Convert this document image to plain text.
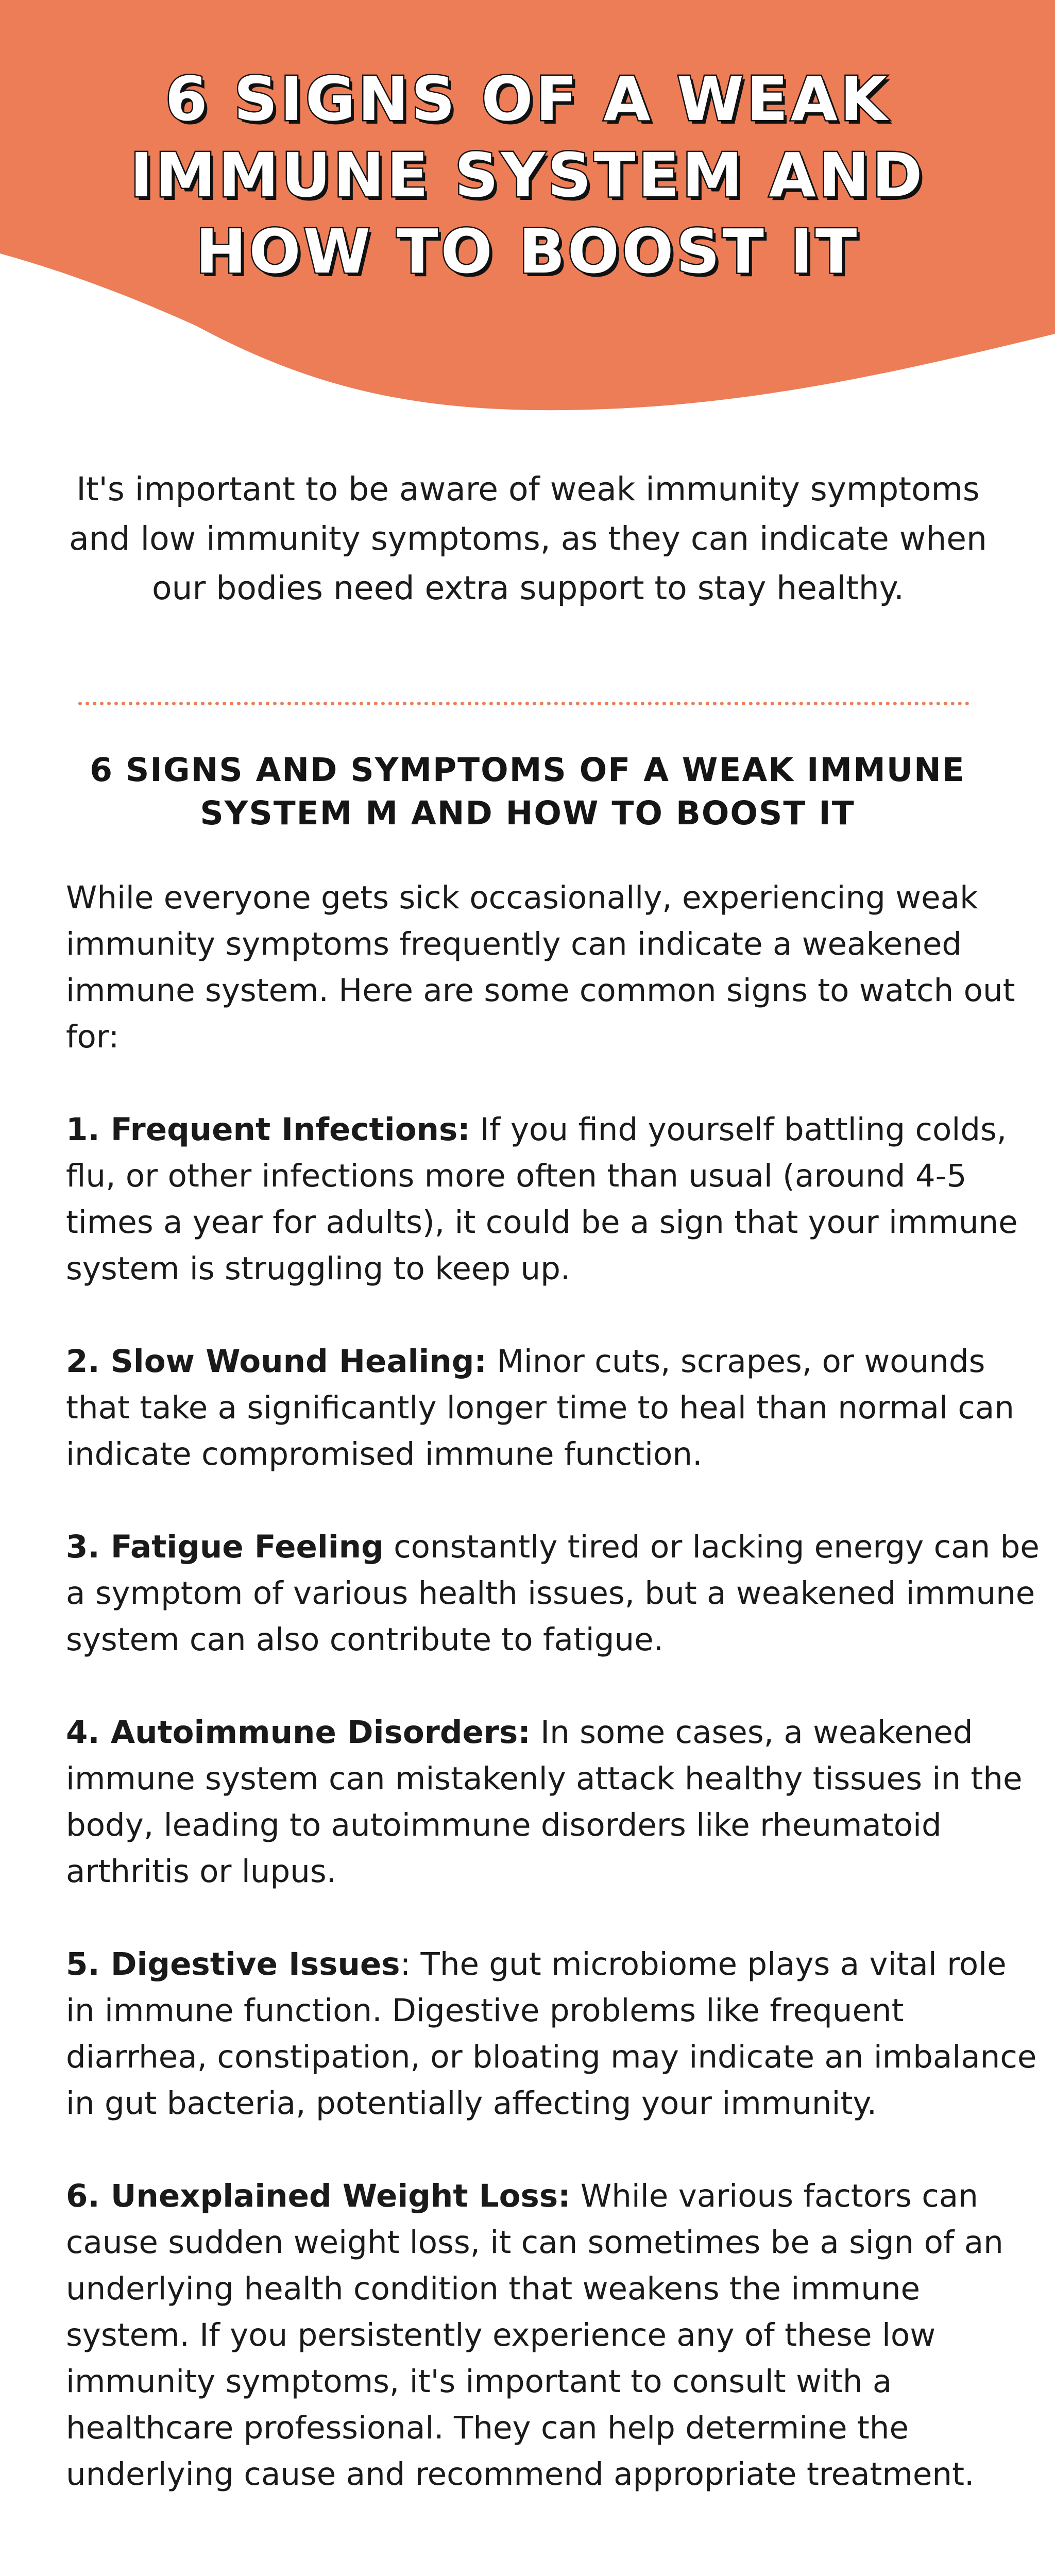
6 SIGNS OF A WEAK IMMUNE SYSTEM AND HOW TO BOOST IT

It's important to be aware of weak immunity symptoms and low immunity symptoms, as they can indicate when our bodies need extra support to stay healthy.

6 SIGNS AND SYMPTOMS OF A WEAK IMMUNE SYSTEM M AND HOW TO BOOST IT

While everyone gets sick occasionally, experiencing weak immunity symptoms frequently can indicate a weakened immune system. Here are some common signs to watch out for:

1. Frequent Infections: If you find yourself battling colds, flu, or other infections more often than usual (around 4-5 times a year for adults), it could be a sign that your immune system is struggling to keep up.

2. Slow Wound Healing: Minor cuts, scrapes, or wounds that take a significantly longer time to heal than normal can indicate compromised immune function.

3. Fatigue Feeling constantly tired or lacking energy can be a symptom of various health issues, but a weakened immune system can also contribute to fatigue.

4. Autoimmune Disorders: In some cases, a weakened immune system can mistakenly attack healthy tissues in the body, leading to autoimmune disorders like rheumatoid arthritis or lupus.

5. Digestive Issues: The gut microbiome plays a vital role in immune function. Digestive problems like frequent diarrhea, constipation, or bloating may indicate an imbalance in gut bacteria, potentially affecting your immunity.

6. Unexplained Weight Loss: While various factors can cause sudden weight loss, it can sometimes be a sign of an underlying health condition that weakens the immune system. If you persistently experience any of these low immunity symptoms, it's important to consult with a healthcare professional. They can help determine the underlying cause and recommend appropriate treatment.
